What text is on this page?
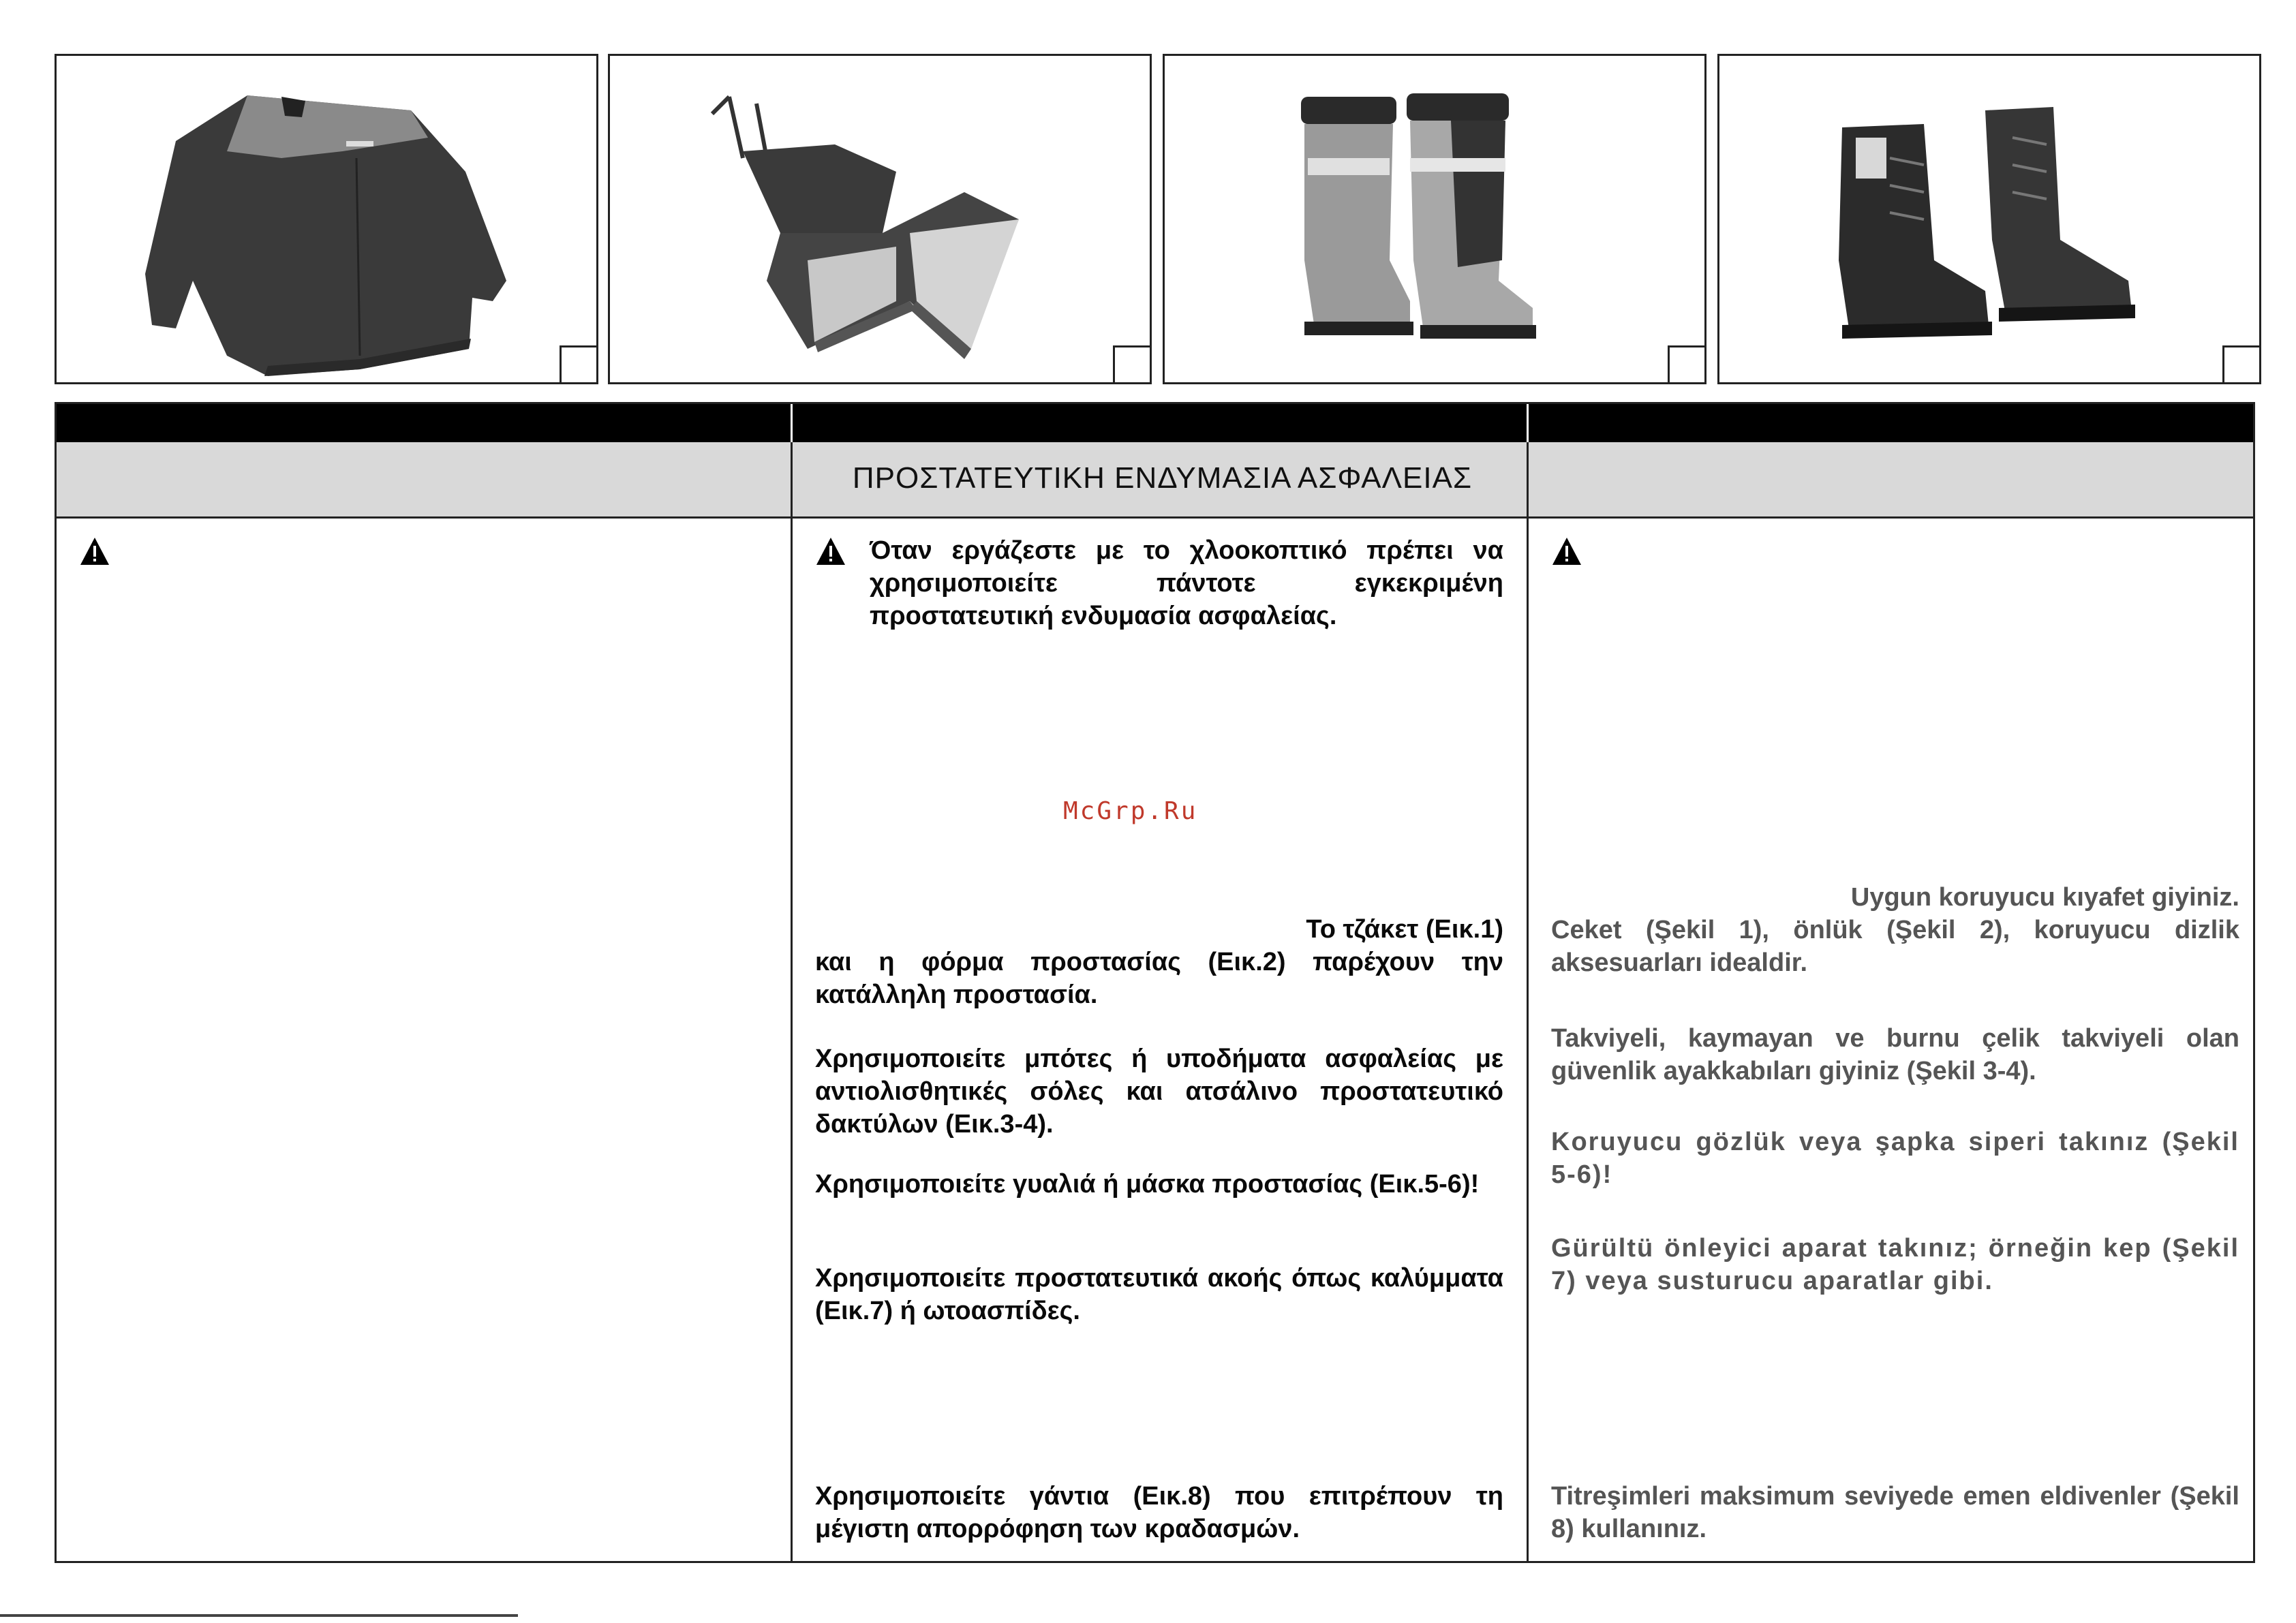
ΠΡΟΣΤΑΤΕΥΤΙΚΗ ΕΝΔΥΜΑΣΙΑ ΑΣΦΑΛΕΙΑΣ

Όταν εργάζεστε με το χλοοκοπτικό πρέπει να χρησιμοποιείτε πάντοτε εγκεκριμένη προστατευτική ενδυμασία ασφαλείας.

Το τζάκετ (Εικ.1)

και η φόρμα προστασίας (Εικ.2) παρέχουν την κατάλληλη προστασία.

Χρησιμοποιείτε μπότες ή υποδήματα ασφαλείας με αντιολισθητικές σόλες και ατσάλινο προστατευτικό δακτύλων (Εικ.3-4).

Χρησιμοποιείτε γυαλιά ή μάσκα προστασίας (Εικ.5-6)!

Χρησιμοποιείτε προστατευτικά ακοής όπως καλύμματα (Εικ.7) ή ωτοασπίδες.

Χρησιμοποιείτε γάντια (Εικ.8) που επιτρέπουν τη μέγιστη απορρόφηση των κραδασμών.

Uygun koruyucu kıyafet giyiniz.

Ceket (Şekil 1), önlük (Şekil 2), koruyucu dizlik aksesuarları idealdir.

Takviyeli, kaymayan ve burnu çelik takviyeli olan güvenlik ayakkabıları giyiniz (Şekil 3-4).

Koruyucu gözlük veya şapka siperi takınız (Şekil 5-6)!

Gürültü önleyici aparat takınız; örneğin kep (Şekil 7) veya susturucu aparatlar gibi.

Titreşimleri maksimum seviyede emen eldivenler (Şekil 8) kullanınız.

McGrp.Ru
